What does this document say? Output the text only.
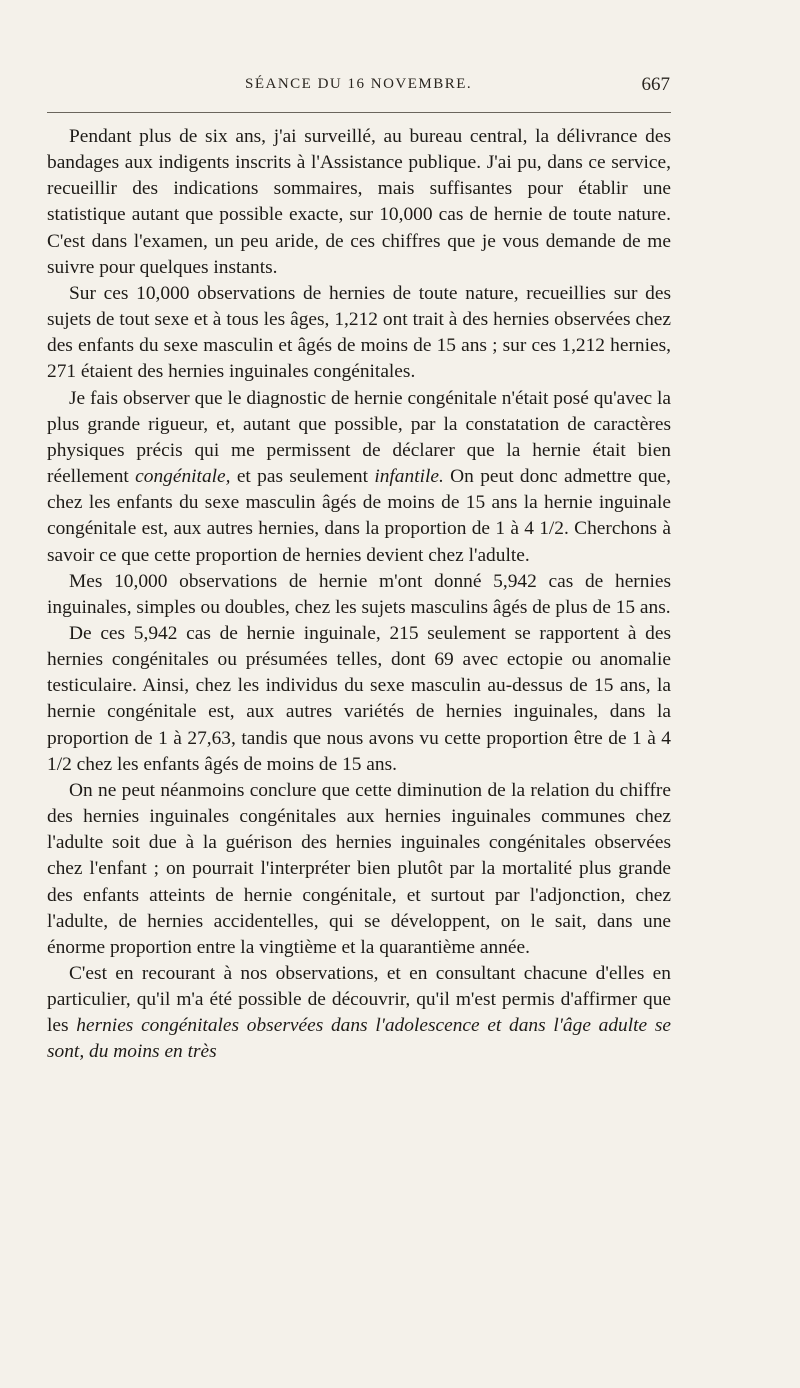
SÉANCE DU 16 NOVEMBRE.	667

Pendant plus de six ans, j'ai surveillé, au bureau central, la délivrance des bandages aux indigents inscrits à l'Assistance publique. J'ai pu, dans ce service, recueillir des indications sommaires, mais suffisantes pour établir une statistique autant que possible exacte, sur 10,000 cas de hernie de toute nature. C'est dans l'examen, un peu aride, de ces chiffres que je vous demande de me suivre pour quelques instants.

Sur ces 10,000 observations de hernies de toute nature, recueillies sur des sujets de tout sexe et à tous les âges, 1,212 ont trait à des hernies observées chez des enfants du sexe masculin et âgés de moins de 15 ans ; sur ces 1,212 hernies, 271 étaient des hernies inguinales congénitales.

Je fais observer que le diagnostic de hernie congénitale n'était posé qu'avec la plus grande rigueur, et, autant que possible, par la constatation de caractères physiques précis qui me permissent de déclarer que la hernie était bien réellement congénitale, et pas seulement infantile. On peut donc admettre que, chez les enfants du sexe masculin âgés de moins de 15 ans la hernie inguinale congénitale est, aux autres hernies, dans la proportion de 1 à 4 1/2. Cherchons à savoir ce que cette proportion de hernies devient chez l'adulte.

Mes 10,000 observations de hernie m'ont donné 5,942 cas de hernies inguinales, simples ou doubles, chez les sujets masculins âgés de plus de 15 ans.

De ces 5,942 cas de hernie inguinale, 215 seulement se rapportent à des hernies congénitales ou présumées telles, dont 69 avec ectopie ou anomalie testiculaire. Ainsi, chez les individus du sexe masculin au-dessus de 15 ans, la hernie congénitale est, aux autres variétés de hernies inguinales, dans la proportion de 1 à 27,63, tandis que nous avons vu cette proportion être de 1 à 4 1/2 chez les enfants âgés de moins de 15 ans.

On ne peut néanmoins conclure que cette diminution de la relation du chiffre des hernies inguinales congénitales aux hernies inguinales communes chez l'adulte soit due à la guérison des hernies inguinales congénitales observées chez l'enfant ; on pourrait l'interpréter bien plutôt par la mortalité plus grande des enfants atteints de hernie congénitale, et surtout par l'adjonction, chez l'adulte, de hernies accidentelles, qui se développent, on le sait, dans une énorme proportion entre la vingtième et la quarantième année.

C'est en recourant à nos observations, et en consultant chacune d'elles en particulier, qu'il m'a été possible de découvrir, qu'il m'est permis d'affirmer que les hernies congénitales observées dans l'adolescence et dans l'âge adulte se sont, du moins en très
